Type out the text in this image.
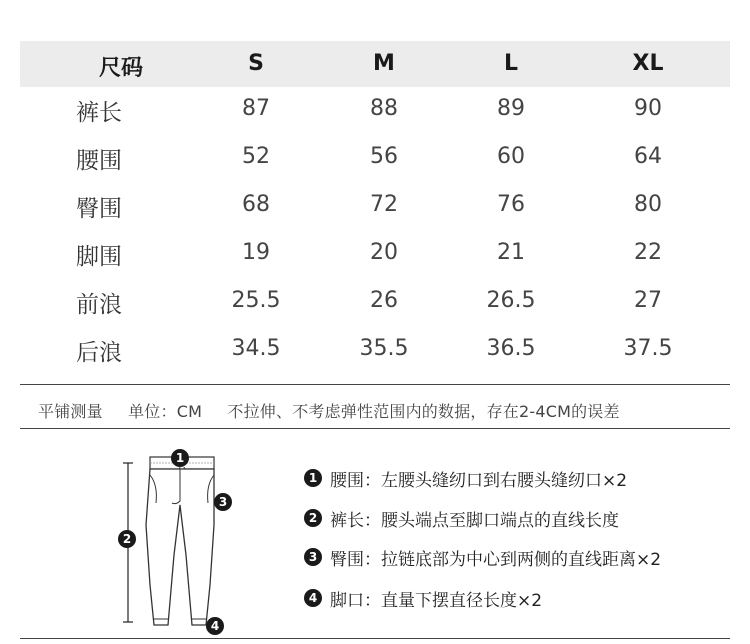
尺码	S	M	L	XL
裤长	87	88	89	90
腰围	52	56	60	64
臀围	68	72	76	80
脚围	19	20	21	22
前浪	25.5	26	26.5	27
后浪	34.5	35.5	36.5	37.5
平铺测量 单位：CM 不拉伸、不考虑弹性范围内的数据，存在2-4CM的误差
1
2
3
4
1 腰围：左腰头缝纫口到右腰头缝纫口×2
2 裤长：腰头端点至脚口端点的直线长度
3 臀围：拉链底部为中心到两侧的直线距离×2
4 脚口：直量下摆直径长度×2
